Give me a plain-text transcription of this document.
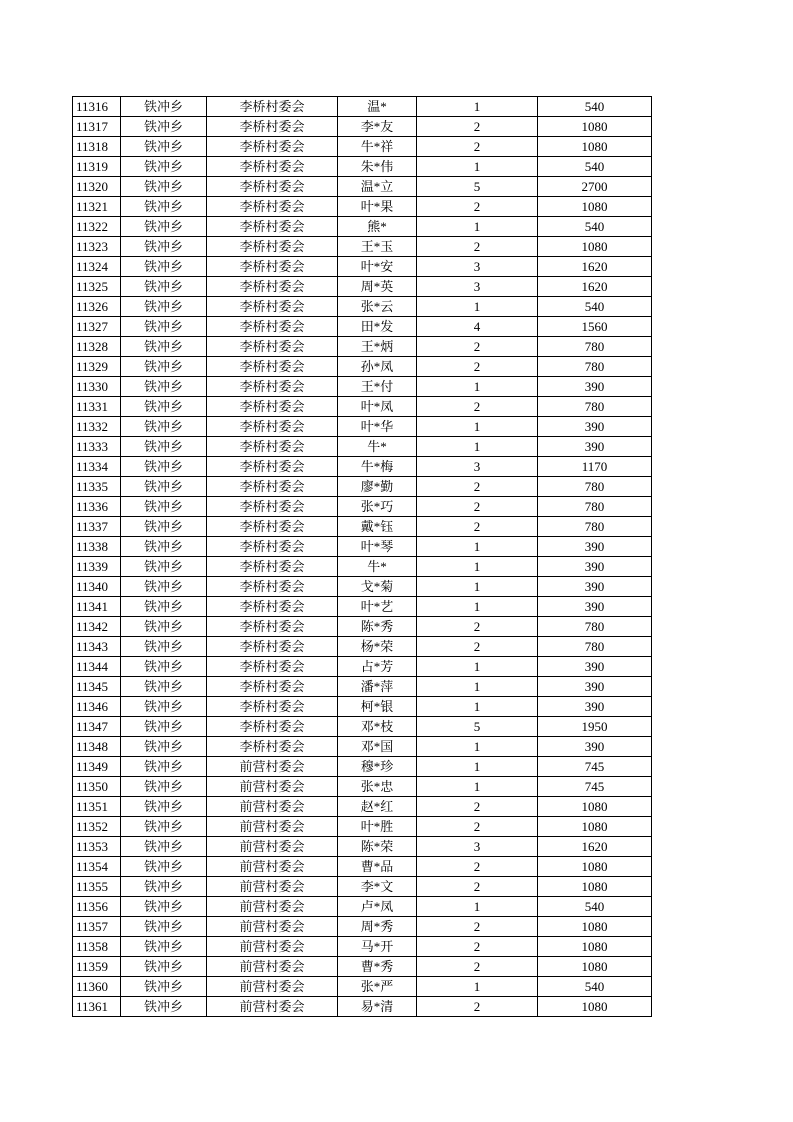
11316	铁冲乡	李桥村委会	温*	1	540
11317	铁冲乡	李桥村委会	李*友	2	1080
11318	铁冲乡	李桥村委会	牛*祥	2	1080
11319	铁冲乡	李桥村委会	朱*伟	1	540
11320	铁冲乡	李桥村委会	温*立	5	2700
11321	铁冲乡	李桥村委会	叶*果	2	1080
11322	铁冲乡	李桥村委会	熊*	1	540
11323	铁冲乡	李桥村委会	王*玉	2	1080
11324	铁冲乡	李桥村委会	叶*安	3	1620
11325	铁冲乡	李桥村委会	周*英	3	1620
11326	铁冲乡	李桥村委会	张*云	1	540
11327	铁冲乡	李桥村委会	田*发	4	1560
11328	铁冲乡	李桥村委会	王*炳	2	780
11329	铁冲乡	李桥村委会	孙*凤	2	780
11330	铁冲乡	李桥村委会	王*付	1	390
11331	铁冲乡	李桥村委会	叶*凤	2	780
11332	铁冲乡	李桥村委会	叶*华	1	390
11333	铁冲乡	李桥村委会	牛*	1	390
11334	铁冲乡	李桥村委会	牛*梅	3	1170
11335	铁冲乡	李桥村委会	廖*勤	2	780
11336	铁冲乡	李桥村委会	张*巧	2	780
11337	铁冲乡	李桥村委会	戴*钰	2	780
11338	铁冲乡	李桥村委会	叶*琴	1	390
11339	铁冲乡	李桥村委会	牛*	1	390
11340	铁冲乡	李桥村委会	戈*菊	1	390
11341	铁冲乡	李桥村委会	叶*艺	1	390
11342	铁冲乡	李桥村委会	陈*秀	2	780
11343	铁冲乡	李桥村委会	杨*荣	2	780
11344	铁冲乡	李桥村委会	占*芳	1	390
11345	铁冲乡	李桥村委会	潘*萍	1	390
11346	铁冲乡	李桥村委会	柯*银	1	390
11347	铁冲乡	李桥村委会	邓*枝	5	1950
11348	铁冲乡	李桥村委会	邓*国	1	390
11349	铁冲乡	前营村委会	穆*珍	1	745
11350	铁冲乡	前营村委会	张*忠	1	745
11351	铁冲乡	前营村委会	赵*红	2	1080
11352	铁冲乡	前营村委会	叶*胜	2	1080
11353	铁冲乡	前营村委会	陈*荣	3	1620
11354	铁冲乡	前营村委会	曹*品	2	1080
11355	铁冲乡	前营村委会	李*文	2	1080
11356	铁冲乡	前营村委会	卢*凤	1	540
11357	铁冲乡	前营村委会	周*秀	2	1080
11358	铁冲乡	前营村委会	马*开	2	1080
11359	铁冲乡	前营村委会	曹*秀	2	1080
11360	铁冲乡	前营村委会	张*严	1	540
11361	铁冲乡	前营村委会	易*清	2	1080
